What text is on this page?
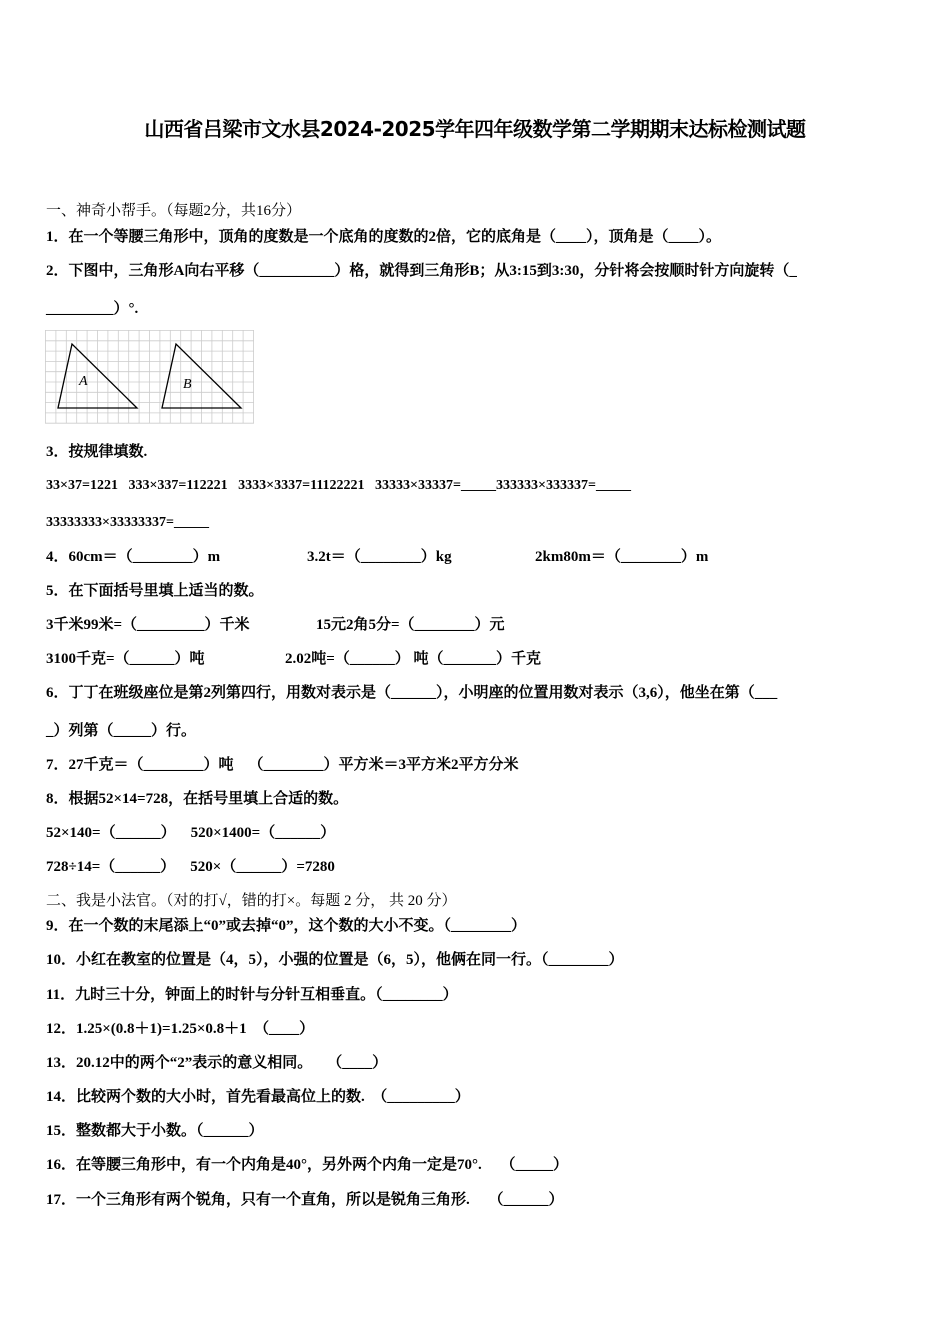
山西省吕梁市文水县2024-2025学年四年级数学第二学期期末达标检测试题
一、神奇小帮手。（每题2分，共16分）
1．在一个等腰三角形中，顶角的度数是一个底角的度数的2倍，它的底角是（____），顶角是（____）。
2．下图中，三角形A向右平移（__________）格，就得到三角形B；从3:15到3:30，分针将会按顺时针方向旋转（_
_________）°.
A	B
3．按规律填数.
33×37=1221   333×337=112221   3333×3337=11122221   33333×33337=_____333333×333337=_____
33333333×33333337=_____
4．60cm＝（________）m	3.2t＝（________）kg	2km80m＝（________）m
5．在下面括号里填上适当的数。
3千米99米=（_________）千米	15元2角5分=（________）元
3100千克=（______）吨	2.02吨=（______） 吨（_______）千克
6．丁丁在班级座位是第2列第四行，用数对表示是（______），小明座的位置用数对表示（3,6），他坐在第（___
_）列第（_____）行。
7．27千克＝（________）吨    （________）平方米＝3平方米2平方分米
8．根据52×14=728，在括号里填上合适的数。
52×140=（______）    520×1400=（______）
728÷14=（______）    520×（______）=7280
二、我是小法官。（对的打√，错的打×。每题 2 分， 共 20 分）
9．在一个数的末尾添上“0”或去掉“0”，这个数的大小不变。（________）
10．小红在教室的位置是（4，5），小强的位置是（6，5），他俩在同一行。（________）
11．九时三十分，钟面上的时针与分针互相垂直。（________）
12．1.25×(0.8＋1)=1.25×0.8＋1  （____）
13．20.12中的两个“2”表示的意义相同。    （____）
14．比较两个数的大小时，首先看最高位上的数.  （_________）
15．整数都大于小数。（______）
16．在等腰三角形中，有一个内角是40°，另外两个内角一定是70°.     （_____）
17．一个三角形有两个锐角，只有一个直角，所以是锐角三角形.     （______）
